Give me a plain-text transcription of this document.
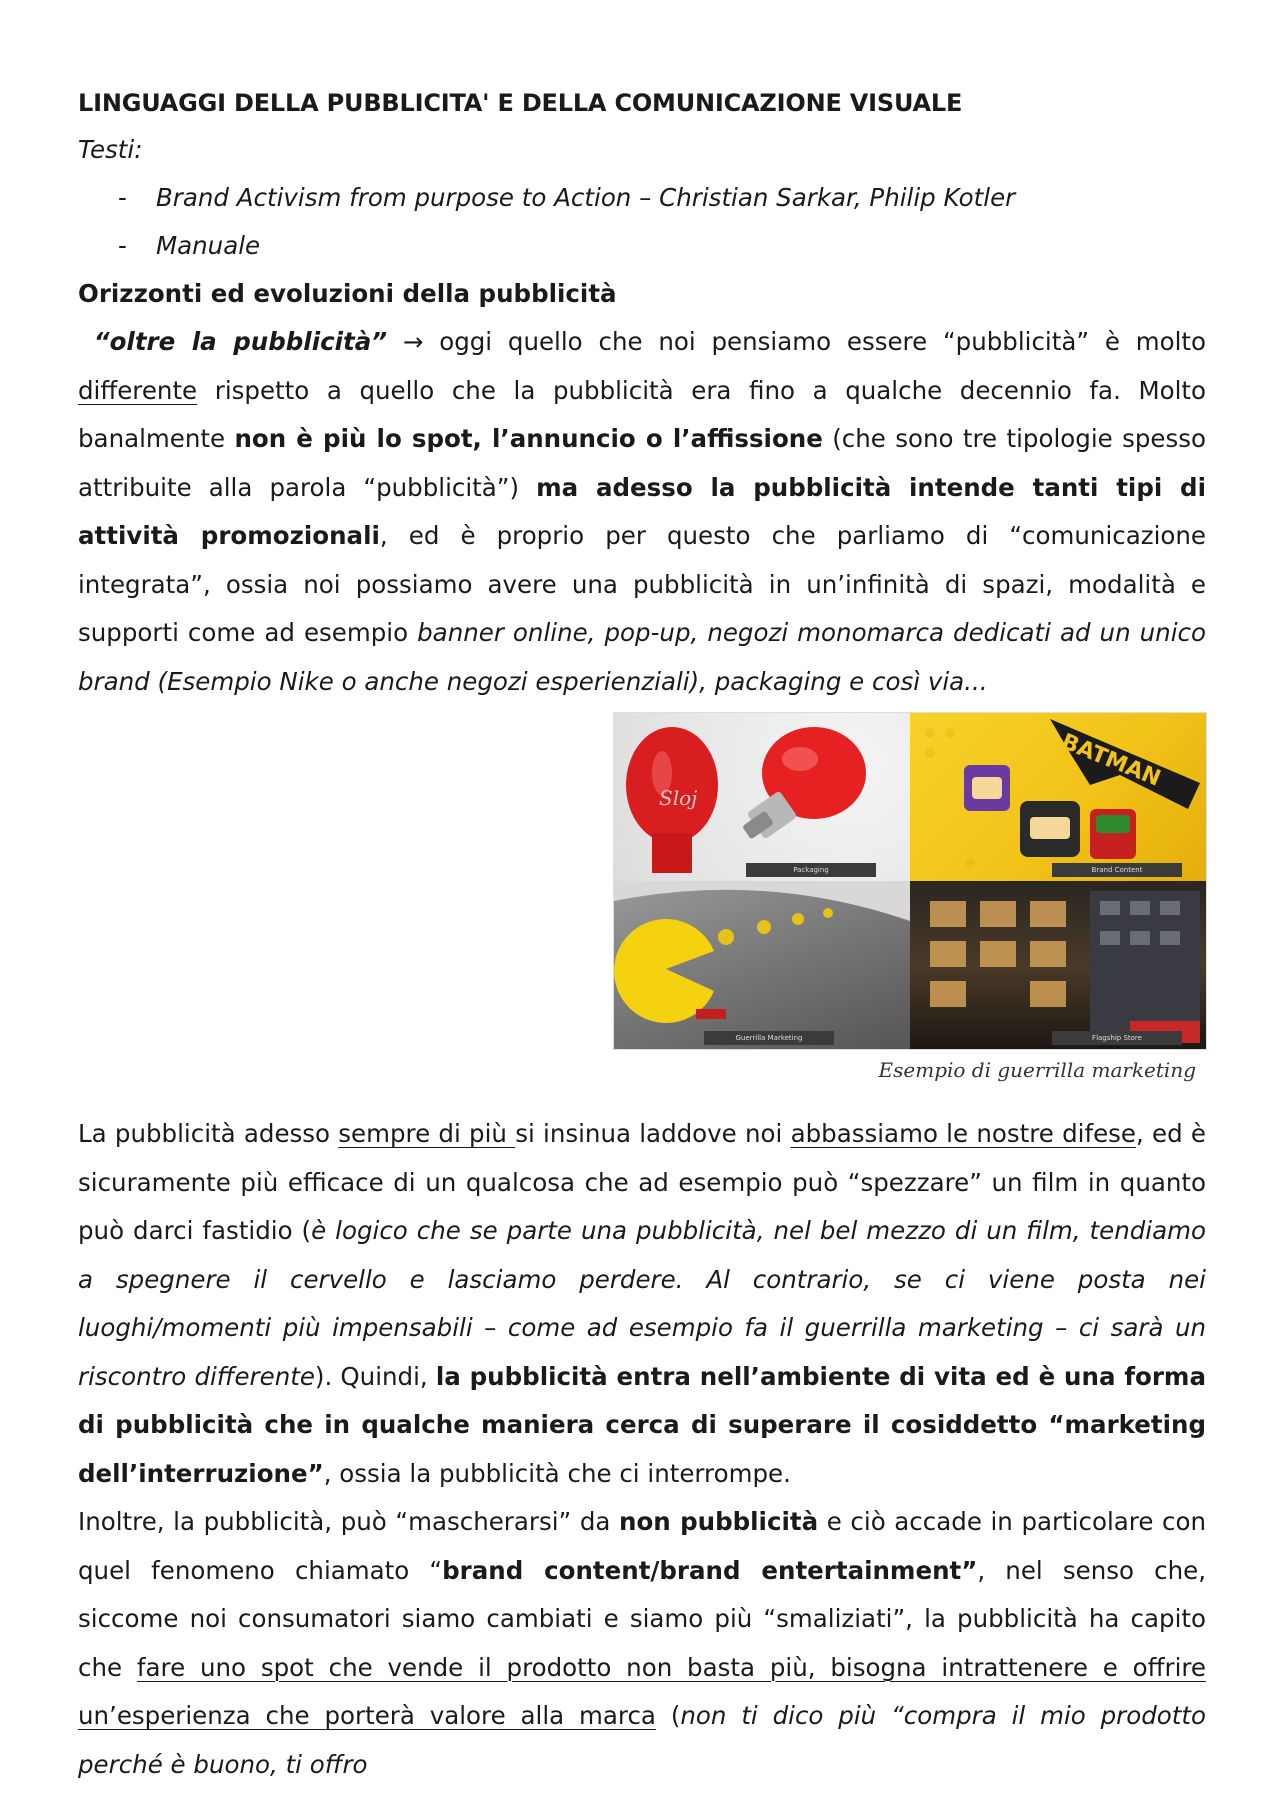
LINGUAGGI DELLA PUBBLICITA' E DELLA COMUNICAZIONE VISUALE
Testi:
- Brand Activism from purpose to Action – Christian Sarkar, Philip Kotler
- Manuale
Orizzonti ed evoluzioni della pubblicità

“oltre la pubblicità” → oggi quello che noi pensiamo essere “pubblicità” è molto differente rispetto a quello che la pubblicità era fino a qualche decennio fa. Molto banalmente non è più lo spot, l’annuncio o l’affissione (che sono tre tipologie spesso attribuite alla parola “pubblicità”) ma adesso la pubblicità intende tanti tipi di attività promozionali, ed è proprio per questo che parliamo di “comunicazione integrata”, ossia noi possiamo avere una pubblicità in un’infinità di spazi, modalità e supporti come ad esempio banner online, pop-up, negozi monomarca dedicati ad un unico brand (Esempio Nike o anche negozi esperienziali), packaging e così via...

Sloj
Packaging
BATMAN
Brand Content
Guerrilla Marketing	Flagship Store
Esempio di guerrilla marketing

La pubblicità adesso sempre di più si insinua laddove noi abbassiamo le nostre difese, ed è sicuramente più efficace di un qualcosa che ad esempio può “spezzare” un film in quanto può darci fastidio (è logico che se parte una pubblicità, nel bel mezzo di un film, tendiamo a spegnere il cervello e lasciamo perdere. Al contrario, se ci viene posta nei luoghi/momenti più impensabili – come ad esempio fa il guerrilla marketing – ci sarà un riscontro differente). Quindi, la pubblicità entra nell’ambiente di vita ed è una forma di pubblicità che in qualche maniera cerca di superare il cosiddetto “marketing dell’interruzione”, ossia la pubblicità che ci interrompe.

Inoltre, la pubblicità, può “mascherarsi” da non pubblicità e ciò accade in particolare con quel fenomeno chiamato “brand content/brand entertainment”, nel senso che, siccome noi consumatori siamo cambiati e siamo più “smaliziati”, la pubblicità ha capito che fare uno spot che vende il prodotto non basta più, bisogna intrattenere e offrire un’esperienza che porterà valore alla marca (non ti dico più “compra il mio prodotto perché è buono, ti offro
